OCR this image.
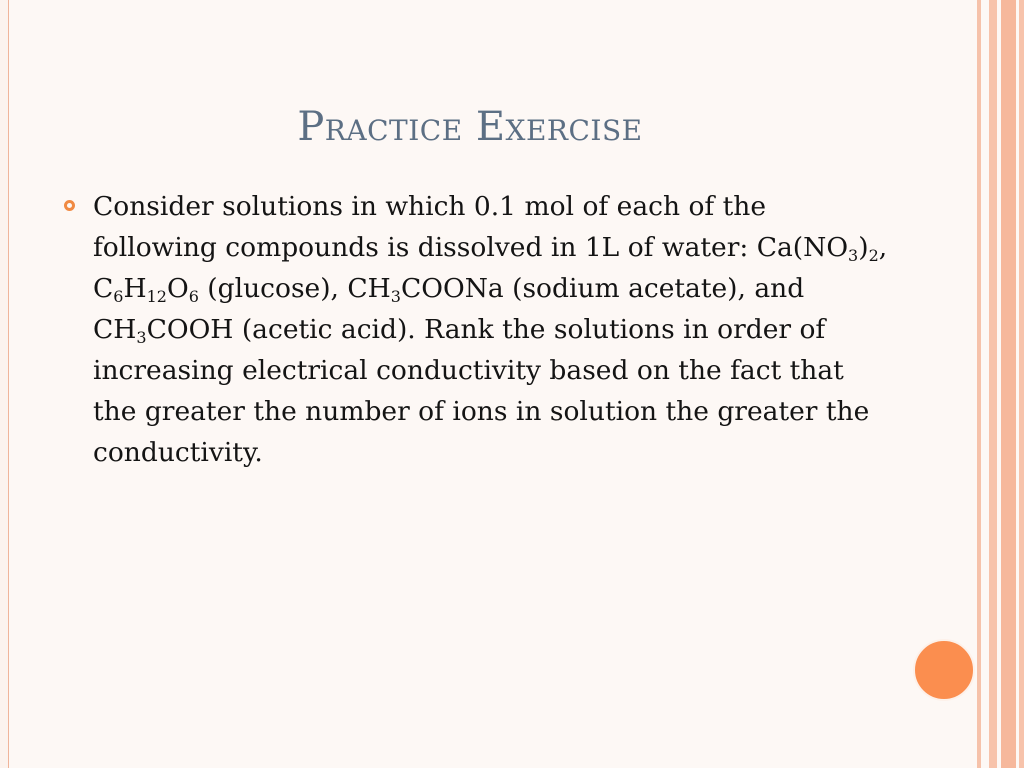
Practice Exercise

Consider solutions in which 0.1 mol of each of the following compounds is dissolved in 1L of water: $Ca(NO_3)_2$, $C_6H_{12}O_6$ (glucose), $CH_3COONa$ (sodium acetate), and $CH_3COOH$ (acetic acid). Rank the solutions in order of increasing electrical conductivity based on the fact that the greater the number of ions in solution the greater the conductivity.
